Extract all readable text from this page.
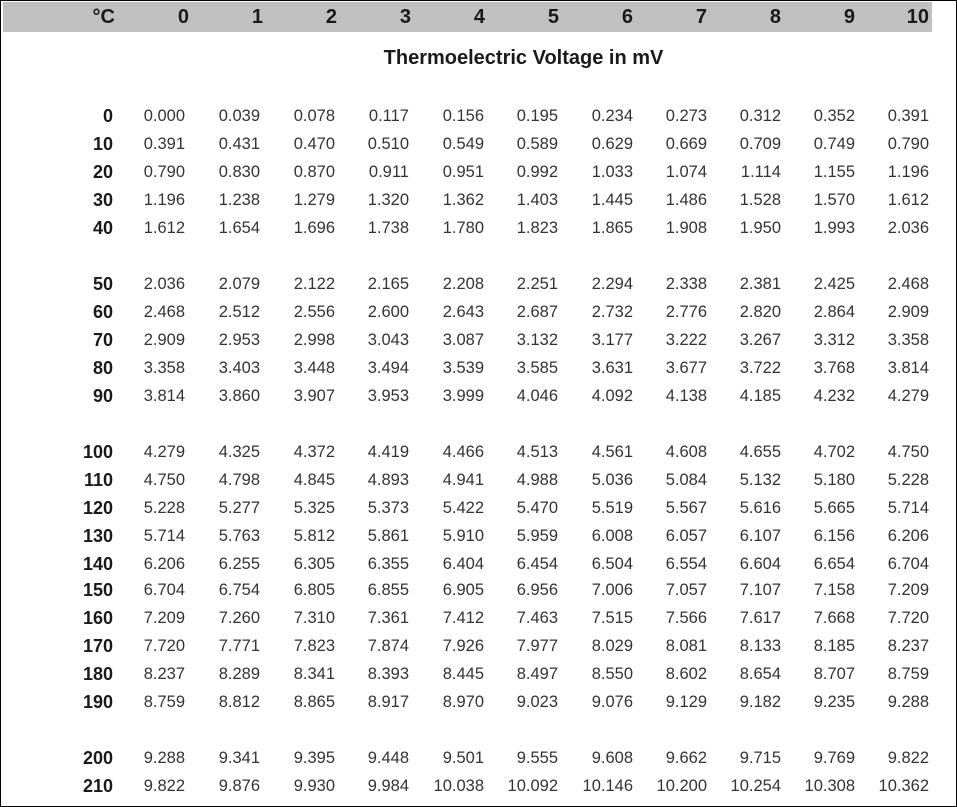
°C	0	1	2	3	4	5	6	7	8	9	10
Thermoelectric Voltage in mV
0	0.000	0.039	0.078	0.117	0.156	0.195	0.234	0.273	0.312	0.352	0.391
10	0.391	0.431	0.470	0.510	0.549	0.589	0.629	0.669	0.709	0.749	0.790
20	0.790	0.830	0.870	0.911	0.951	0.992	1.033	1.074	1.114	1.155	1.196
30	1.196	1.238	1.279	1.320	1.362	1.403	1.445	1.486	1.528	1.570	1.612
40	1.612	1.654	1.696	1.738	1.780	1.823	1.865	1.908	1.950	1.993	2.036
50	2.036	2.079	2.122	2.165	2.208	2.251	2.294	2.338	2.381	2.425	2.468
60	2.468	2.512	2.556	2.600	2.643	2.687	2.732	2.776	2.820	2.864	2.909
70	2.909	2.953	2.998	3.043	3.087	3.132	3.177	3.222	3.267	3.312	3.358
80	3.358	3.403	3.448	3.494	3.539	3.585	3.631	3.677	3.722	3.768	3.814
90	3.814	3.860	3.907	3.953	3.999	4.046	4.092	4.138	4.185	4.232	4.279
100	4.279	4.325	4.372	4.419	4.466	4.513	4.561	4.608	4.655	4.702	4.750
110	4.750	4.798	4.845	4.893	4.941	4.988	5.036	5.084	5.132	5.180	5.228
120	5.228	5.277	5.325	5.373	5.422	5.470	5.519	5.567	5.616	5.665	5.714
130	5.714	5.763	5.812	5.861	5.910	5.959	6.008	6.057	6.107	6.156	6.206
140	6.206	6.255	6.305	6.355	6.404	6.454	6.504	6.554	6.604	6.654	6.704
150	6.704	6.754	6.805	6.855	6.905	6.956	7.006	7.057	7.107	7.158	7.209
160	7.209	7.260	7.310	7.361	7.412	7.463	7.515	7.566	7.617	7.668	7.720
170	7.720	7.771	7.823	7.874	7.926	7.977	8.029	8.081	8.133	8.185	8.237
180	8.237	8.289	8.341	8.393	8.445	8.497	8.550	8.602	8.654	8.707	8.759
190	8.759	8.812	8.865	8.917	8.970	9.023	9.076	9.129	9.182	9.235	9.288
200	9.288	9.341	9.395	9.448	9.501	9.555	9.608	9.662	9.715	9.769	9.822
210	9.822	9.876	9.930	9.984	10.038	10.092	10.146	10.200	10.254	10.308	10.362
